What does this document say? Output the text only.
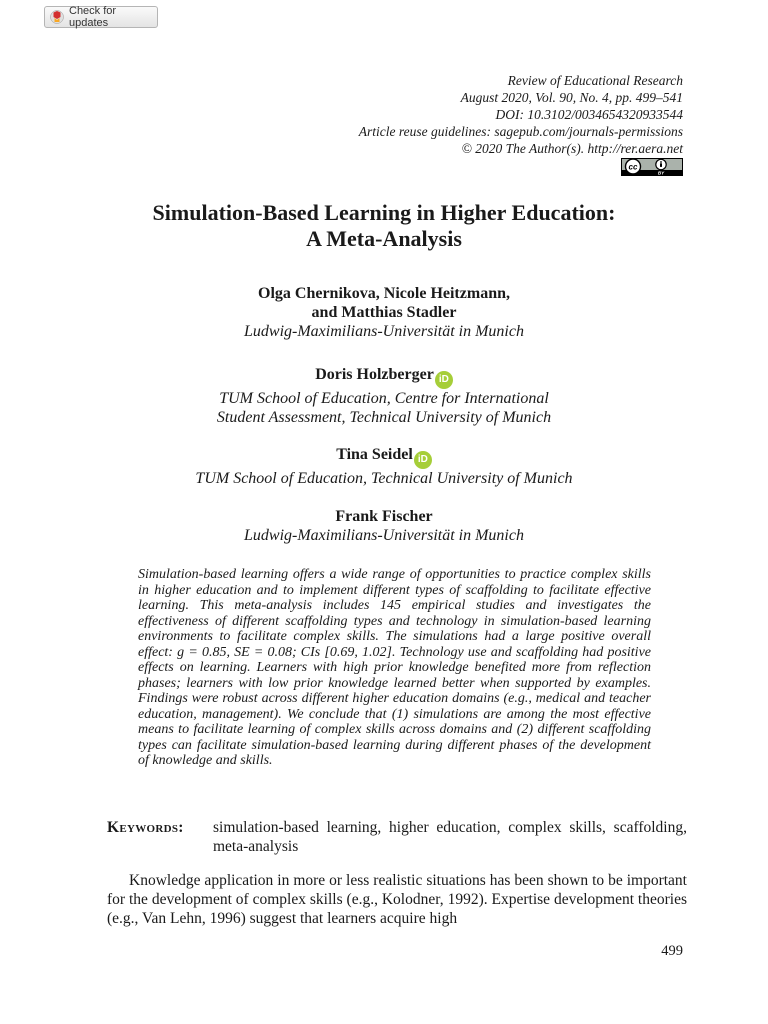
Check for updates
Review of Educational Research
August 2020, Vol. 90, No. 4, pp. 499–541
DOI: 10.3102/0034654320933544
Article reuse guidelines: sagepub.com/journals-permissions
© 2020 The Author(s). http://rer.aera.net
cc
BY
Simulation-Based Learning in Higher Education:
A Meta-Analysis
Olga Chernikova, Nicole Heitzmann,
and Matthias Stadler
Ludwig-Maximilians-Universität in Munich
Doris Holzberger iD
TUM School of Education, Centre for International
Student Assessment, Technical University of Munich
Tina Seidel iD
TUM School of Education, Technical University of Munich
Frank Fischer
Ludwig-Maximilians-Universität in Munich

Simulation-based learning offers a wide range of opportunities to practice complex skills in higher education and to implement different types of scaffolding to facilitate effective learning. This meta-analysis includes 145 empirical studies and investigates the effectiveness of different scaffolding types and technology in simulation-based learning environments to facilitate complex skills. The simulations had a large positive overall effect: g = 0.85, SE = 0.08; CIs [0.69, 1.02]. Technology use and scaffolding had positive effects on learning. Learners with high prior knowledge benefited more from reflection phases; learners with low prior knowledge learned better when supported by examples. Findings were robust across different higher education domains (e.g., medical and teacher education, management). We conclude that (1) simulations are among the most effective means to facilitate learning of complex skills across domains and (2) different scaffolding types can facilitate simulation-based learning during different phases of the development of knowledge and skills.

Keywords:	simulation-based learning, higher education, complex skills, scaffolding, meta-analysis

Knowledge application in more or less realistic situations has been shown to be important for the development of complex skills (e.g., Kolodner, 1992). Expertise development theories (e.g., Van Lehn, 1996) suggest that learners acquire high

499
